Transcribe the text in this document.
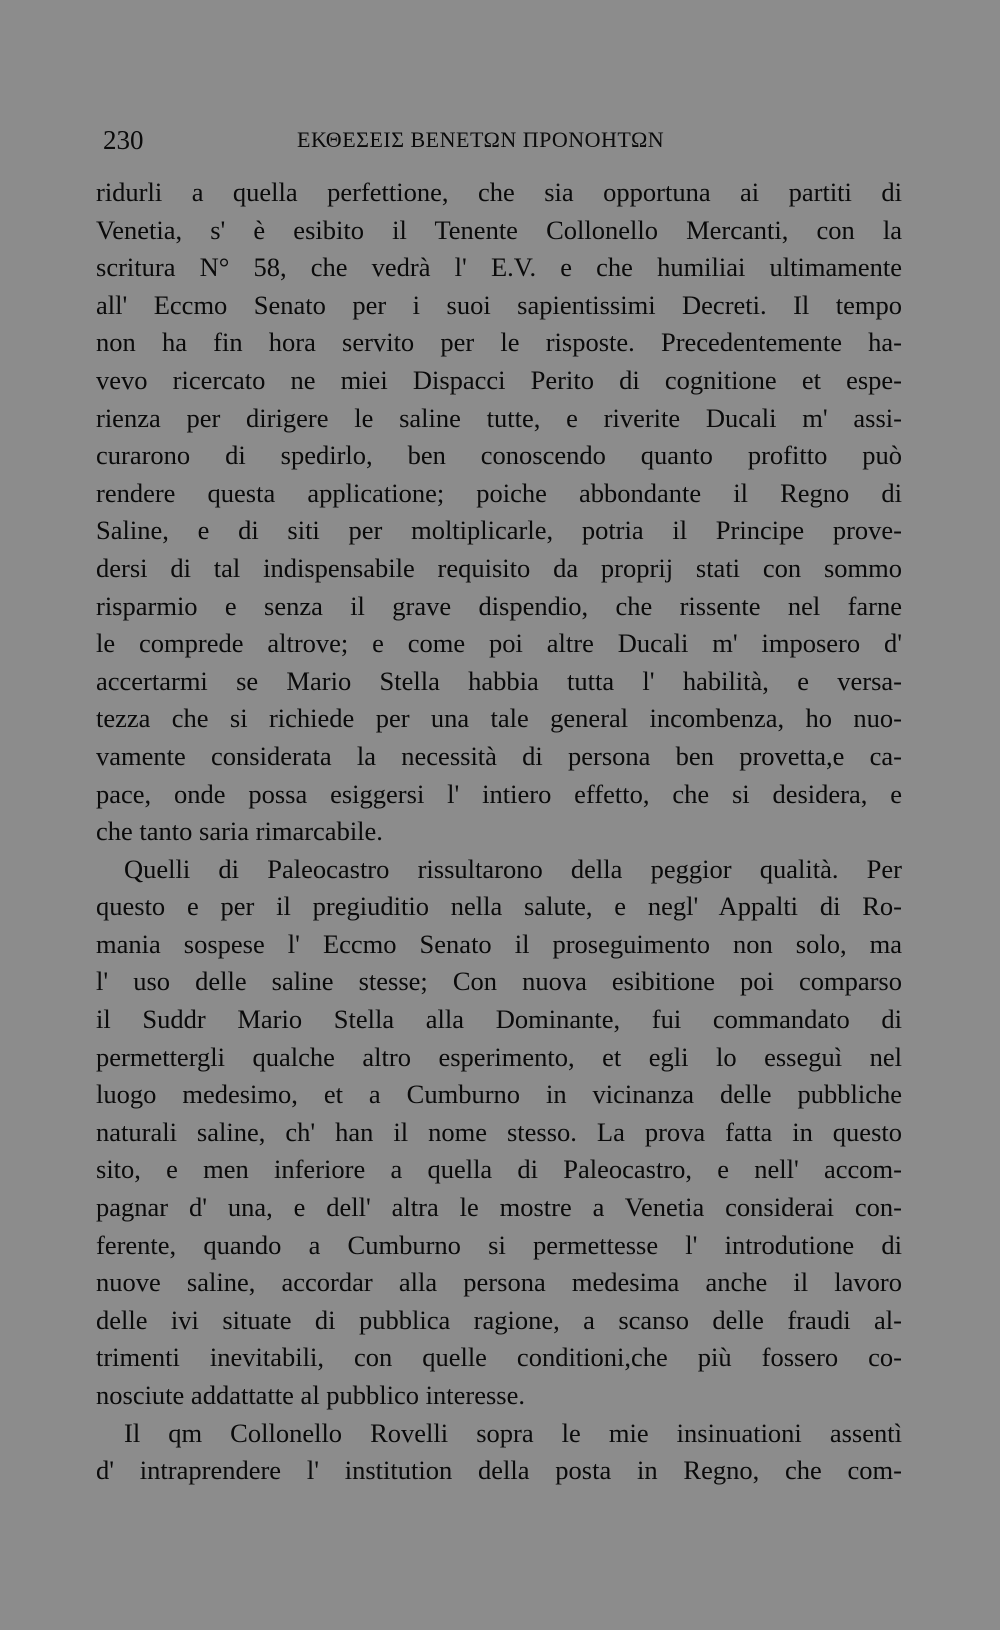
230	ΕΚΘΕΣΕΙΣ ΒΕΝΕΤΩΝ ΠΡΟΝΟΗΤΩΝ
ridurli a quella perfettione, che sia opportuna ai partiti di
Venetia, s' è esibito il Tenente Collonello Mercanti, con la
scritura N° 58, che vedrà l' E.V. e che humiliai ultimamente
all' Eccmo Senato per i suoi sapientissimi Decreti. Il tempo
non ha fin hora servito per le risposte. Precedentemente ha-
vevo ricercato ne miei Dispacci Perito di cognitione et espe-
rienza per dirigere le saline tutte, e riverite Ducali m' assi-
curarono di spedirlo, ben conoscendo quanto profitto può
rendere questa applicatione; poiche abbondante il Regno di
Saline, e di siti per moltiplicarle, potria il Principe prove-
dersi di tal indispensabile requisito da proprij stati con sommo
risparmio e senza il grave dispendio, che rissente nel farne
le comprede altrove; e come poi altre Ducali m' imposero d'
accertarmi se Mario Stella habbia tutta l' habilità, e versa-
tezza che si richiede per una tale general incombenza, ho nuo-
vamente considerata la necessità di persona ben provetta,e ca-
pace, onde possa esiggersi l' intiero effetto, che si desidera, e
che tanto saria rimarcabile.
Quelli di Paleocastro rissultarono della peggior qualità. Per
questo e per il pregiuditio nella salute, e negl' Appalti di Ro-
mania sospese l' Eccmo Senato il proseguimento non solo, ma
l' uso delle saline stesse; Con nuova esibitione poi comparso
il Suddr Mario Stella alla Dominante, fui commandato di
permettergli qualche altro esperimento, et egli lo esseguì nel
luogo medesimo, et a Cumburno in vicinanza delle pubbliche
naturali saline, ch' han il nome stesso. La prova fatta in questo
sito, e men inferiore a quella di Paleocastro, e nell' accom-
pagnar d' una, e dell' altra le mostre a Venetia considerai con-
ferente, quando a Cumburno si permettesse l' introdutione di
nuove saline, accordar alla persona medesima anche il lavoro
delle ivi situate di pubblica ragione, a scanso delle fraudi al-
trimenti inevitabili, con quelle conditioni,che più fossero co-
nosciute addattatte al pubblico interesse.
Il qm Collonello Rovelli sopra le mie insinuationi assentì
d' intraprendere l' institution della posta in Regno, che com-
